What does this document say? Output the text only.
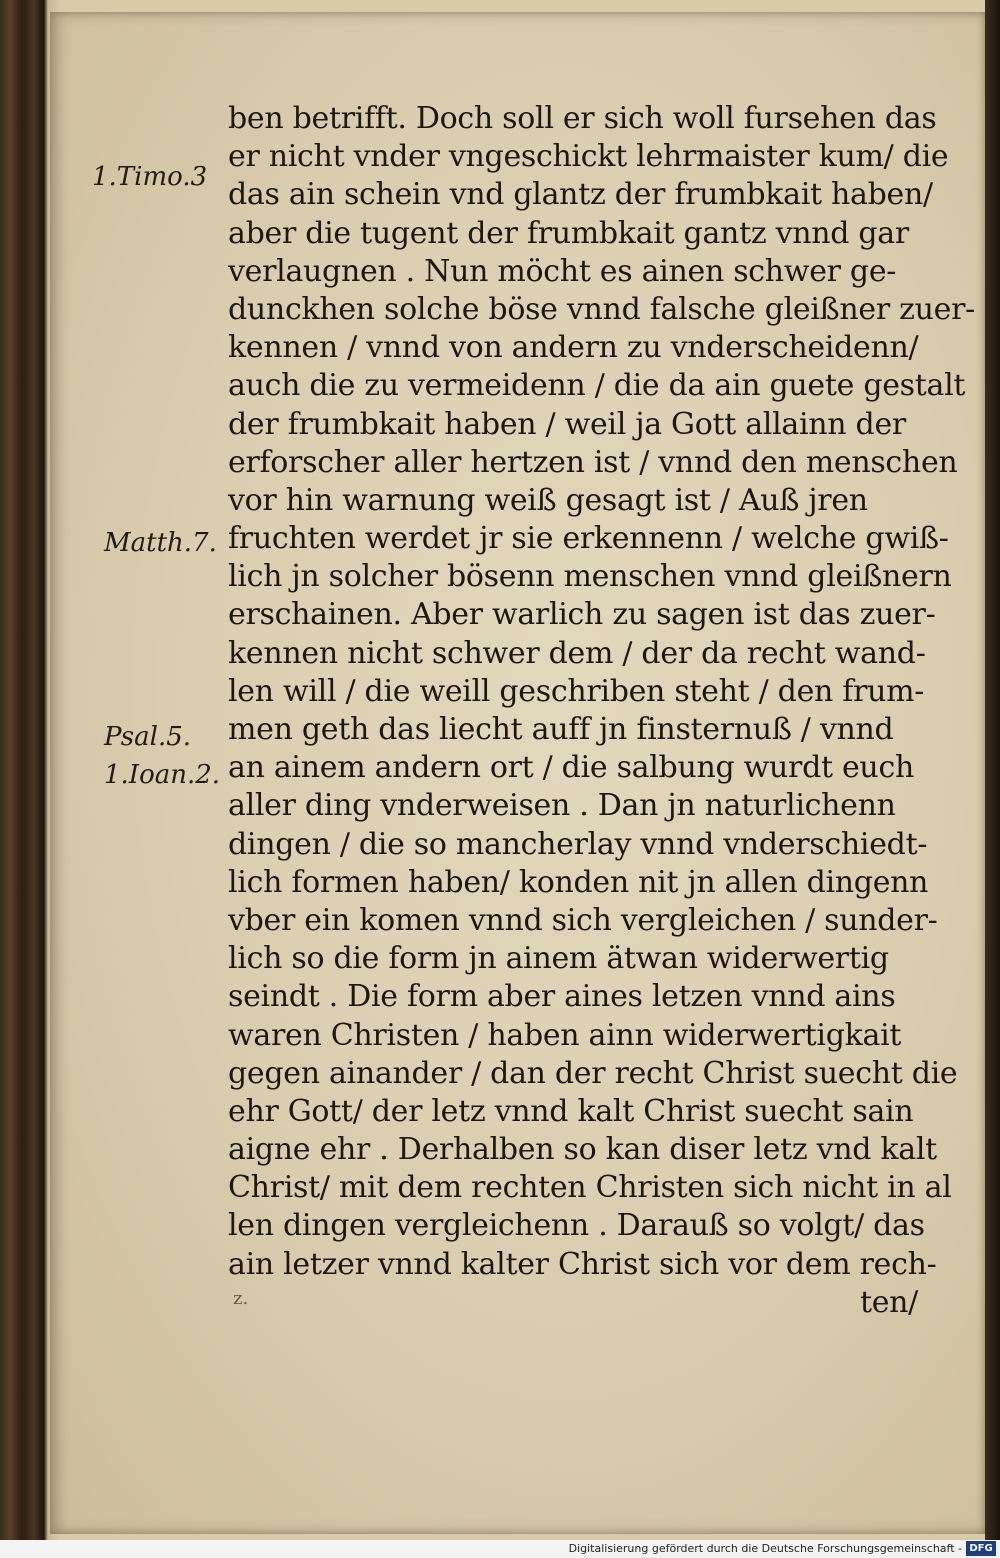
1.Timo.3
Matth.7.
Psal.5.
1.Ioan.2.
ben betrifft. Doch soll er sich woll fursehen das
er nicht vnder vngeschickt lehrmaister kum/ die
das ain schein vnd glantz der frumbkait haben/
aber die tugent der frumbkait gantz vnnd gar
verlaugnen . Nun möcht es ainen schwer ge-
dunckhen solche böse vnnd falsche gleißner zuer-
kennen / vnnd von andern zu vnderscheidenn/
auch die zu vermeidenn / die da ain guete gestalt
der frumbkait haben / weil ja Gott allainn der
erforscher aller hertzen ist / vnnd den menschen
vor hin warnung weiß gesagt ist / Auß jren
fruchten werdet jr sie erkennenn / welche gwiß-
lich jn solcher bösenn menschen vnnd gleißnern
erschainen. Aber warlich zu sagen ist das zuer-
kennen nicht schwer dem / der da recht wand-
len will / die weill geschriben steht / den frum-
men geth das liecht auff jn finsternuß / vnnd
an ainem andern ort / die salbung wurdt euch
aller ding vnderweisen . Dan jn naturlichenn
dingen / die so mancherlay vnnd vnderschiedt-
lich formen haben/ konden nit jn allen dingenn
vber ein komen vnnd sich vergleichen / sunder-
lich so die form jn ainem ätwan widerwertig
seindt . Die form aber aines letzen vnnd ains
waren Christen / haben ainn widerwertigkait
gegen ainander / dan der recht Christ suecht die
ehr Gott/ der letz vnnd kalt Christ suecht sain
aigne ehr . Derhalben so kan diser letz vnd kalt
Christ/ mit dem rechten Christen sich nicht in al
len dingen vergleichenn . Darauß so volgt/ das
ain letzer vnnd kalter Christ sich vor dem rech-
ten/
z.
Digitalisierung gefördert durch die Deutsche Forschungsgemeinschaft - DFG
